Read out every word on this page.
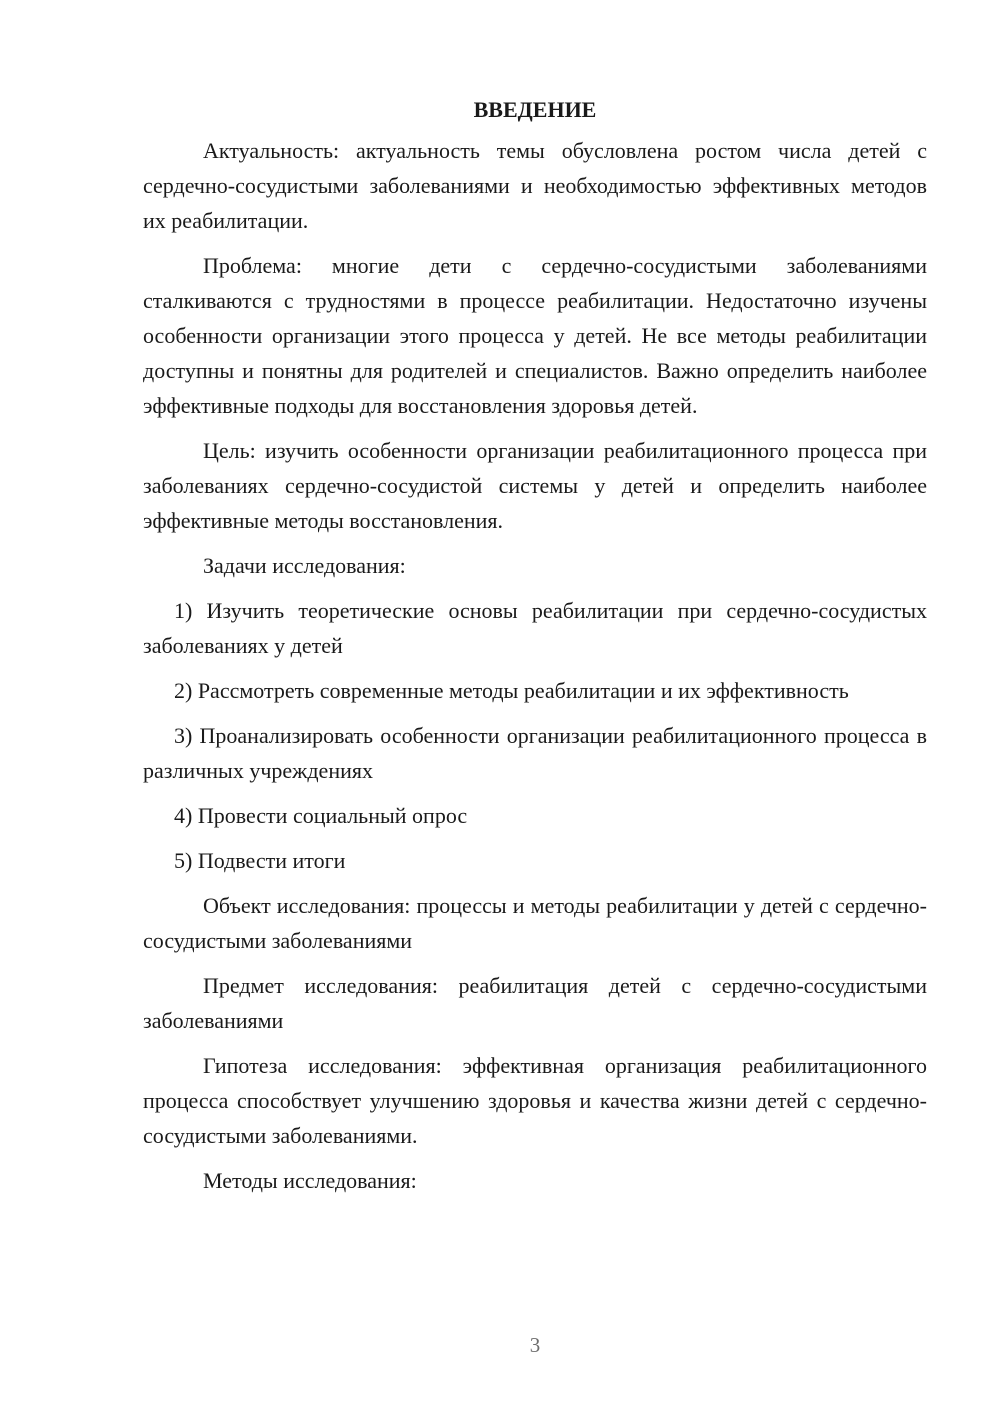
ВВЕДЕНИЕ

Актуальность: актуальность темы обусловлена ростом числа детей с сердечно-сосудистыми заболеваниями и необходимостью эффективных методов их реабилитации.

Проблема: многие дети с сердечно-сосудистыми заболеваниями сталкиваются с трудностями в процессе реабилитации. Недостаточно изучены особенности организации этого процесса у детей. Не все методы реабилитации доступны и понятны для родителей и специалистов. Важно определить наиболее эффективные подходы для восстановления здоровья детей.

Цель: изучить особенности организации реабилитационного процесса при заболеваниях сердечно-сосудистой системы у детей и определить наиболее эффективные методы восстановления.

Задачи исследования:

1) Изучить теоретические основы реабилитации при сердечно-сосудистых заболеваниях у детей

2) Рассмотреть современные методы реабилитации и их эффективность

3) Проанализировать особенности организации реабилитационного процесса в различных учреждениях

4) Провести социальный опрос

5) Подвести итоги

Объект исследования: процессы и методы реабилитации у детей с сердечно-сосудистыми заболеваниями

Предмет исследования: реабилитация детей с сердечно-сосудистыми заболеваниями

Гипотеза исследования: эффективная организация реабилитационного процесса способствует улучшению здоровья и качества жизни детей с сердечно-сосудистыми заболеваниями.

Методы исследования:

3
